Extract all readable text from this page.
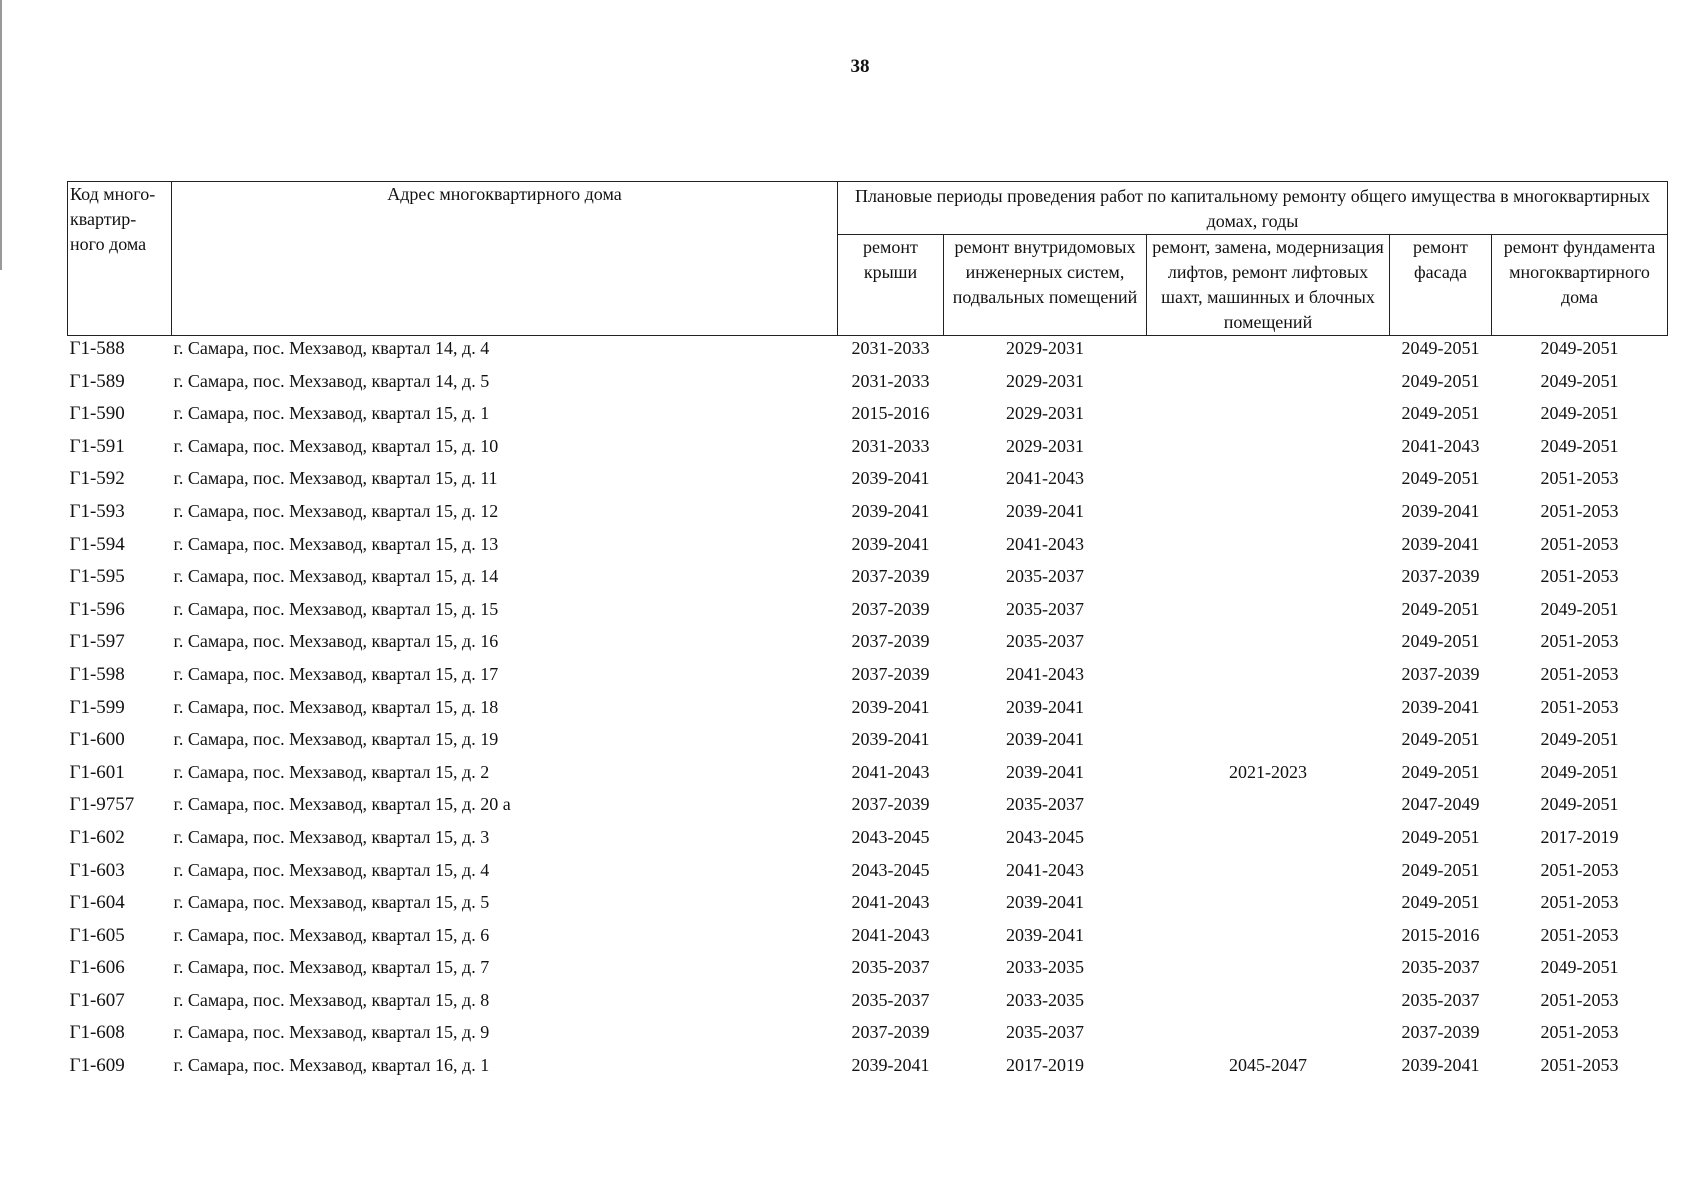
38
Код много-квартир-ного дома	Адрес многоквартирного дома	Плановые периоды проведения работ по капитальному ремонту общего имущества в многоквартирных домах, годы				
		ремонт крыши	ремонт внутридомовых инженерных систем, подвальных помещений	ремонт, замена, модернизация лифтов, ремонт лифтовых шахт, машинных и блочных помещений	ремонт фасада	ремонт фундамента многоквартирного дома
Г1-588	г. Самара, пос. Мехзавод, квартал 14, д. 4	2031-2033	2029-2031		2049-2051	2049-2051
Г1-589	г. Самара, пос. Мехзавод, квартал 14, д. 5	2031-2033	2029-2031		2049-2051	2049-2051
Г1-590	г. Самара, пос. Мехзавод, квартал 15, д. 1	2015-2016	2029-2031		2049-2051	2049-2051
Г1-591	г. Самара, пос. Мехзавод, квартал 15, д. 10	2031-2033	2029-2031		2041-2043	2049-2051
Г1-592	г. Самара, пос. Мехзавод, квартал 15, д. 11	2039-2041	2041-2043		2049-2051	2051-2053
Г1-593	г. Самара, пос. Мехзавод, квартал 15, д. 12	2039-2041	2039-2041		2039-2041	2051-2053
Г1-594	г. Самара, пос. Мехзавод, квартал 15, д. 13	2039-2041	2041-2043		2039-2041	2051-2053
Г1-595	г. Самара, пос. Мехзавод, квартал 15, д. 14	2037-2039	2035-2037		2037-2039	2051-2053
Г1-596	г. Самара, пос. Мехзавод, квартал 15, д. 15	2037-2039	2035-2037		2049-2051	2049-2051
Г1-597	г. Самара, пос. Мехзавод, квартал 15, д. 16	2037-2039	2035-2037		2049-2051	2051-2053
Г1-598	г. Самара, пос. Мехзавод, квартал 15, д. 17	2037-2039	2041-2043		2037-2039	2051-2053
Г1-599	г. Самара, пос. Мехзавод, квартал 15, д. 18	2039-2041	2039-2041		2039-2041	2051-2053
Г1-600	г. Самара, пос. Мехзавод, квартал 15, д. 19	2039-2041	2039-2041		2049-2051	2049-2051
Г1-601	г. Самара, пос. Мехзавод, квартал 15, д. 2	2041-2043	2039-2041	2021-2023	2049-2051	2049-2051
Г1-9757	г. Самара, пос. Мехзавод, квартал 15, д. 20 а	2037-2039	2035-2037		2047-2049	2049-2051
Г1-602	г. Самара, пос. Мехзавод, квартал 15, д. 3	2043-2045	2043-2045		2049-2051	2017-2019
Г1-603	г. Самара, пос. Мехзавод, квартал 15, д. 4	2043-2045	2041-2043		2049-2051	2051-2053
Г1-604	г. Самара, пос. Мехзавод, квартал 15, д. 5	2041-2043	2039-2041		2049-2051	2051-2053
Г1-605	г. Самара, пос. Мехзавод, квартал 15, д. 6	2041-2043	2039-2041		2015-2016	2051-2053
Г1-606	г. Самара, пос. Мехзавод, квартал 15, д. 7	2035-2037	2033-2035		2035-2037	2049-2051
Г1-607	г. Самара, пос. Мехзавод, квартал 15, д. 8	2035-2037	2033-2035		2035-2037	2051-2053
Г1-608	г. Самара, пос. Мехзавод, квартал 15, д. 9	2037-2039	2035-2037		2037-2039	2051-2053
Г1-609	г. Самара, пос. Мехзавод, квартал 16, д. 1	2039-2041	2017-2019	2045-2047	2039-2041	2051-2053
